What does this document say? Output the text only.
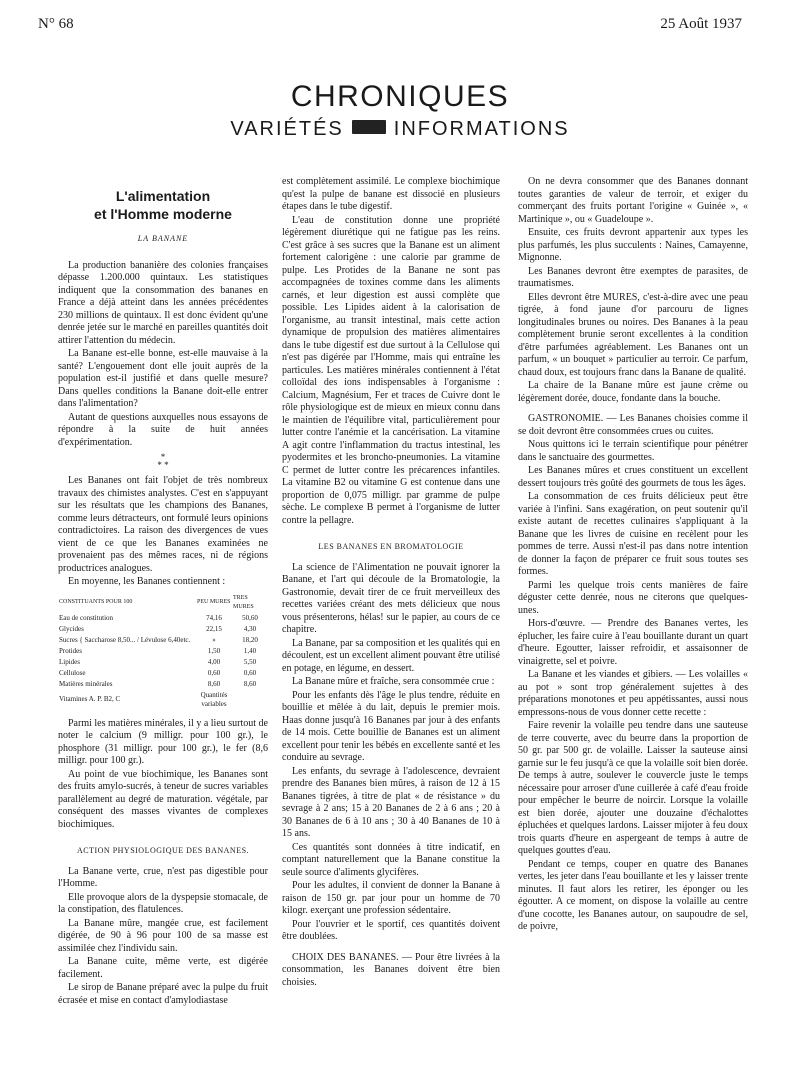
N° 68	25 Août 1937
CHRONIQUES
VARIÉTÉS	INFORMATIONS
L'alimentation
et l'Homme moderne
LA BANANE

La production bananière des colonies françaises dépasse 1.200.000 quintaux. Les statistiques indiquent que la consommation des bananes en France a déjà atteint dans les années précédentes 230 millions de quintaux. Il est donc évident qu'une denrée jetée sur le marché en pareilles quantités doit attirer l'attention du médecin.

La Banane est-elle bonne, est-elle mauvaise à la santé? L'engouement dont elle jouit auprès de la population est-il justifié et dans quelle mesure? Dans quelles conditions la Banane doit-elle entrer dans l'alimentation?

Autant de questions auxquelles nous essayons de répondre à la suite de huit années d'expérimentation.

*
* *

Les Bananes ont fait l'objet de très nombreux travaux des chimistes analystes. C'est en s'appuyant sur les résultats que les champions des Bananes, comme leurs détracteurs, ont formulé leurs opinions contradictoires. La raison des divergences de vues vient de ce que les Bananes examinées ne provenaient pas des mêmes races, ni de régions productrices analogues.

En moyenne, les Bananes contiennent :

CONSTITUANTS POUR 100	PEU MURES	TRES MURES
Eau de constitution	74,16	50,60
Glycides	22,15	4,30
Sucres { Saccharose 8,50... / Lévulose 6,40etc.	»	18,20
Protides	1,50	1,40
Lipides	4,00	5,50
Cellulose	0,60	0,60
Matières minérales	8,60	8,60
Vitamines A. P. B2, C	Quantités variables	

Parmi les matières minérales, il y a lieu surtout de noter le calcium (9 milligr. pour 100 gr.), le phosphore (31 milligr. pour 100 gr.), le fer (8,6 milligr. pour 100 gr.).

Au point de vue biochimique, les Bananes sont des fruits amylo-sucrés, à teneur de sucres variables parallèlement au degré de maturation. végétale, par conséquent des masses vivantes de complexes biochimiques.

ACTION PHYSIOLOGIQUE DES BANANES.

La Banane verte, crue, n'est pas digestible pour l'Homme.

Elle provoque alors de la dyspepsie stomacale, de la constipation, des flatulences.

La Banane mûre, mangée crue, est facilement digérée, de 90 à 96 pour 100 de sa masse est assimilée chez l'individu sain.

La Banane cuite, même verte, est digérée facilement.

Le sirop de Banane préparé avec la pulpe du fruit écrasée et mise en contact d'amylodiastase

est complètement assimilé. Le complexe biochimique qu'est la pulpe de banane est dissocié en plusieurs étapes dans le tube digestif.

L'eau de constitution donne une propriété légèrement diurétique qui ne fatigue pas les reins. C'est grâce à ses sucres que la Banane est un aliment fortement calorigène : une calorie par gramme de pulpe. Les Protides de la Banane ne sont pas accompagnées de toxines comme dans les aliments carnés, et leur digestion est aussi complète que possible. Les Lipides aident à la calorisation de l'organisme, au transit intestinal, mais cette action dynamique de propulsion des matières alimentaires dans le tube digestif est due surtout à la Cellulose qui n'est pas digérée par l'Homme, mais qui entraîne les particules. Les matières minérales contiennent à l'état colloïdal des ions indispensables à l'organisme : Calcium, Magnésium, Fer et traces de Cuivre dont le rôle physiologique est de mieux en mieux connu dans le maintien de l'équilibre vital, particulièrement pour lutter contre l'anémie et la cancérisation. La vitamine A agit contre l'inflammation du tractus intestinal, les pyodermites et les broncho-pneumonies. La vitamine C permet de lutter contre les précarences infantiles. La vitamine B2 ou vitamine G est contenue dans une proportion de 0,075 milligr. par gramme de pulpe sèche. Le complexe B permet à l'organisme de lutter contre la pellagre.

LES BANANES EN BROMATOLOGIE

La science de l'Alimentation ne pouvait ignorer la Banane, et l'art qui découle de la Bromatologie, la Gastronomie, devait tirer de ce fruit merveilleux des recettes variées créant des mets délicieux que nous vous présenterons, hélas! sur le papier, au cours de ce chapitre.

La Banane, par sa composition et les qualités qui en découlent, est un excellent aliment pouvant être utilisé en potage, en légume, en dessert.

La Banane mûre et fraîche, sera consommée crue :

Pour les enfants dès l'âge le plus tendre, réduite en bouillie et mêlée à du lait, depuis le premier mois. Haas donne jusqu'à 16 Bananes par jour à des enfants de 14 mois. Cette bouillie de Bananes est un aliment excellent pour tenir les bébés en excellente santé et les conduire au sevrage.

Les enfants, du sevrage à l'adolescence, devraient prendre des Bananes bien mûres, à raison de 12 à 15 Bananes tigrées, à titre de plat « de résistance » du sevrage à 2 ans; 15 à 20 Bananes de 2 à 6 ans ; 20 à 30 Bananes de 6 à 10 ans ; 30 à 40 Bananes de 10 à 15 ans.

Ces quantités sont données à titre indicatif, en comptant naturellement que la Banane constitue la seule source d'aliments glycifères.

Pour les adultes, il convient de donner la Banane à raison de 150 gr. par jour pour un homme de 70 kilogr. exerçant une profession sédentaire.

Pour l'ouvrier et le sportif, ces quantités doivent être doublées.

CHOIX DES BANANES. — Pour être livrées à la consommation, les Bananes doivent être bien choisies.

On ne devra consommer que des Bananes donnant toutes garanties de valeur de terroir, et exiger du commerçant des fruits portant l'origine « Guinée », « Martinique », ou « Guadeloupe ».

Ensuite, ces fruits devront appartenir aux types les plus parfumés, les plus succulents : Naines, Camayenne, Mignonne.

Les Bananes devront être exemptes de parasites, de traumatismes.

Elles devront être MURES, c'est-à-dire avec une peau tigrée, à fond jaune d'or parcouru de lignes longitudinales brunes ou noires. Des Bananes à la peau complètement brunie seront excellentes à la condition d'être parfumées agréablement. Les Bananes ont un parfum, « un bouquet » particulier au terroir. Ce parfum, chaud doux, est toujours franc dans la Banane de qualité.

La chaire de la Banane mûre est jaune crème ou légèrement dorée, douce, fondante dans la bouche.

GASTRONOMIE. — Les Bananes choisies comme il se doit devront être consommées crues ou cuites.

Nous quittons ici le terrain scientifique pour pénétrer dans le sanctuaire des gourmettes.

Les Bananes mûres et crues constituent un excellent dessert toujours très goûté des gourmets de tous les âges.

La consommation de ces fruits délicieux peut être variée à l'infini. Sans exagération, on peut soutenir qu'il existe autant de recettes culinaires s'appliquant à la Banane que les livres de cuisine en recèlent pour les pommes de terre. Aussi n'est-il pas dans notre intention de donner la façon de préparer ce fruit sous toutes ses formes.

Parmi les quelque trois cents manières de faire déguster cette denrée, nous ne citerons que quelques-unes.

Hors-d'œuvre. — Prendre des Bananes vertes, les éplucher, les faire cuire à l'eau bouillante durant un quart d'heure. Egoutter, laisser refroidir, et assaisonner de vinaigrette, sel et poivre.

La Banane et les viandes et gibiers. — Les volailles « au pot » sont trop généralement sujettes à des préparations monotones et peu appétissantes, aussi nous empressons-nous de vous donner cette recette :

Faire revenir la volaille peu tendre dans une sauteuse de terre couverte, avec du beurre dans la proportion de 50 gr. par 500 gr. de volaille. Laisser la sauteuse ainsi garnie sur le feu jusqu'à ce que la volaille soit bien dorée. De temps à autre, soulever le couvercle juste le temps nécessaire pour arroser d'une cuillerée à café d'eau froide pour empêcher le beurre de noircir. Lorsque la volaille est bien dorée, ajouter une douzaine d'échalottes épluchées et quelques lardons. Laisser mijoter à feu doux trois quarts d'heure en aspergeant de temps à autre de quelques gouttes d'eau.

Pendant ce temps, couper en quatre des Bananes vertes, les jeter dans l'eau bouillante et les y laisser trente minutes. Il faut alors les retirer, les éponger ou les égoutter. A ce moment, on dispose la volaille au centre d'une cocotte, les Bananes autour, on saupoudre de sel, de poivre,
